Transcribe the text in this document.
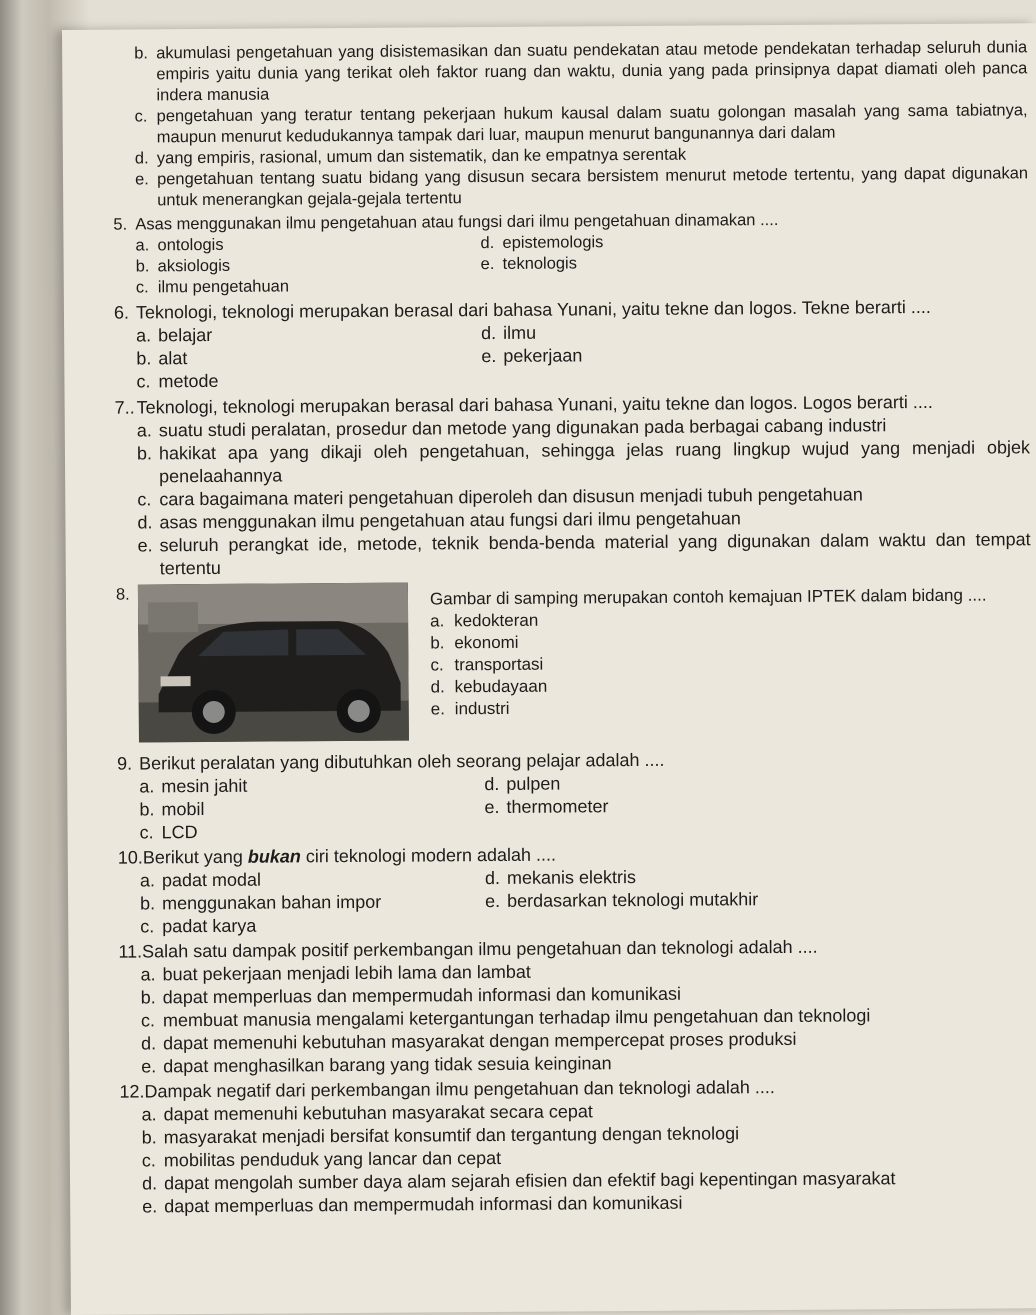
b. akumulasi pengetahuan yang disistemasikan dan suatu pendekatan atau metode pendekatan terhadap seluruh dunia empiris yaitu dunia yang terikat oleh faktor ruang dan waktu, dunia yang pada prinsipnya dapat diamati oleh panca indera manusia
c. pengetahuan yang teratur tentang pekerjaan hukum kausal dalam suatu golongan masalah yang sama tabiatnya, maupun menurut kedudukannya tampak dari luar, maupun menurut bangunannya dari dalam
d. yang empiris, rasional, umum dan sistematik, dan ke empatnya serentak
e. pengetahuan tentang suatu bidang yang disusun secara bersistem menurut metode tertentu, yang dapat digunakan untuk menerangkan gejala-gejala tertentu
5. Asas menggunakan ilmu pengetahuan atau fungsi dari ilmu pengetahuan dinamakan ....
a. ontologis	d. epistemologis
b. aksiologis	e. teknologis
c. ilmu pengetahuan
6. Teknologi, teknologi merupakan berasal dari bahasa Yunani, yaitu tekne dan logos. Tekne berarti ....
a. belajar	d. ilmu
b. alat	e. pekerjaan
c. metode
7.. Teknologi, teknologi merupakan berasal dari bahasa Yunani, yaitu tekne dan logos. Logos berarti ....
a. suatu studi peralatan, prosedur dan metode yang digunakan pada berbagai cabang industri
b. hakikat apa yang dikaji oleh pengetahuan, sehingga jelas ruang lingkup wujud yang menjadi objek penelaahannya
c. cara bagaimana materi pengetahuan diperoleh dan disusun menjadi tubuh pengetahuan
d. asas menggunakan ilmu pengetahuan atau fungsi dari ilmu pengetahuan
e. seluruh perangkat ide, metode, teknik benda-benda material yang digunakan dalam waktu dan tempat tertentu
8.	Gambar di samping merupakan contoh kemajuan IPTEK dalam bidang ....
a. kedokteran
b. ekonomi
c. transportasi
d. kebudayaan
e. industri
9. Berikut peralatan yang dibutuhkan oleh seorang pelajar adalah ....
a. mesin jahit	d. pulpen
b. mobil	e. thermometer
c. LCD
10. Berikut yang bukan ciri teknologi modern adalah ....
a. padat modal	d. mekanis elektris
b. menggunakan bahan impor	e. berdasarkan teknologi mutakhir
c. padat karya
11. Salah satu dampak positif perkembangan ilmu pengetahuan dan teknologi adalah ....
a. buat pekerjaan menjadi lebih lama dan lambat
b. dapat memperluas dan mempermudah informasi dan komunikasi
c. membuat manusia mengalami ketergantungan terhadap ilmu pengetahuan dan teknologi
d. dapat memenuhi kebutuhan masyarakat dengan mempercepat proses produksi
e. dapat menghasilkan barang yang tidak sesuia keinginan
12. Dampak negatif dari perkembangan ilmu pengetahuan dan teknologi adalah ....
a. dapat memenuhi kebutuhan masyarakat secara cepat
b. masyarakat menjadi bersifat konsumtif dan tergantung dengan teknologi
c. mobilitas penduduk yang lancar dan cepat
d. dapat mengolah sumber daya alam sejarah efisien dan efektif bagi kepentingan masyarakat
e. dapat memperluas dan mempermudah informasi dan komunikasi
